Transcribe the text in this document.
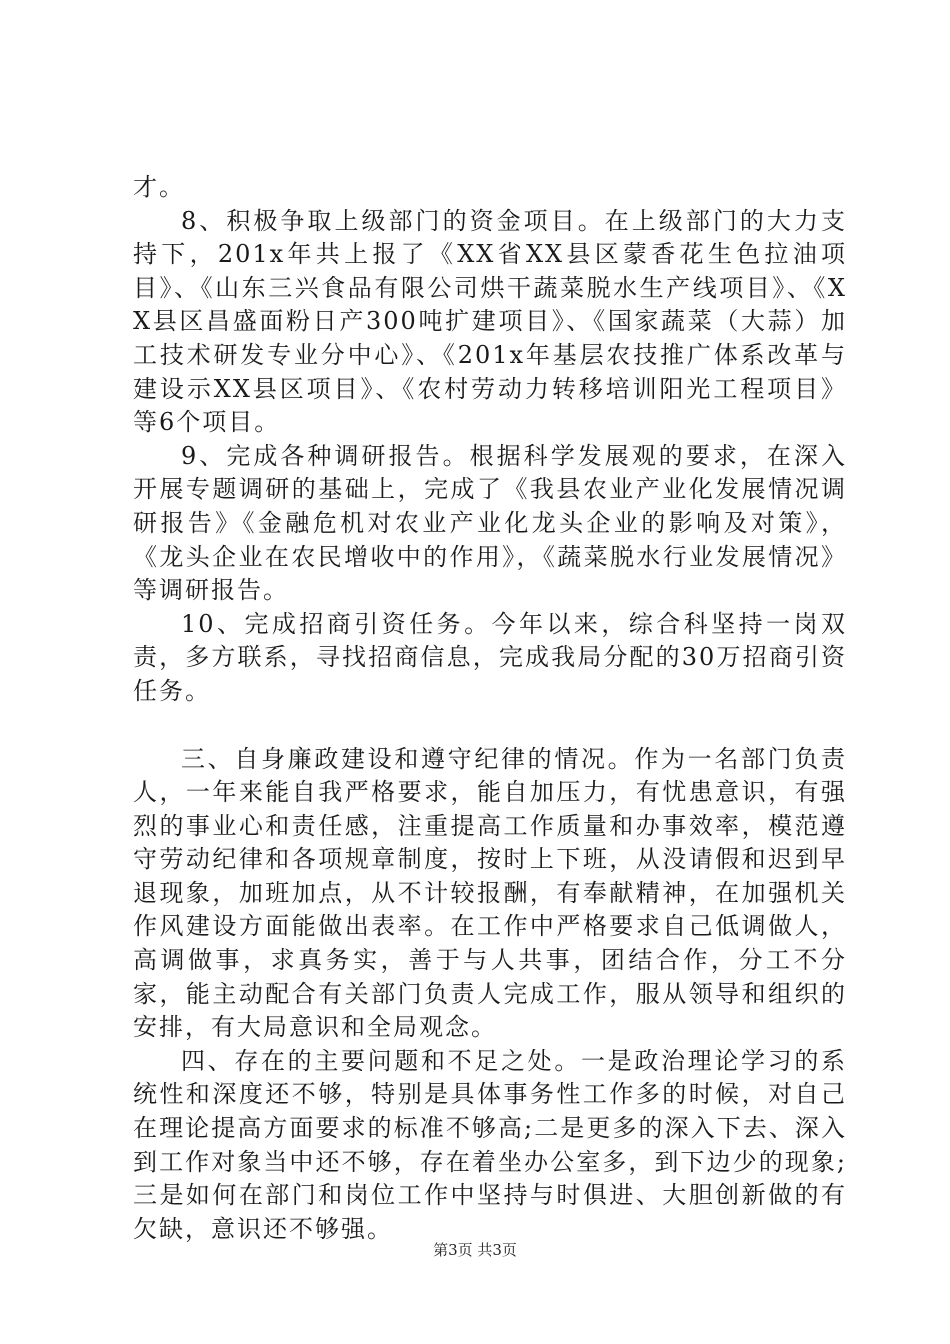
才。

8、积极争取上级部门的资金项目。在上级部门的大力支持下，201x年共上报了《XX省XX县区蒙香花生色拉油项目》、《山东三兴食品有限公司烘干蔬菜脱水生产线项目》、《XX县区昌盛面粉日产300吨扩建项目》、《国家蔬菜（大蒜）加工技术研发专业分中心》、《201x年基层农技推广体系改革与建设示XX县区项目》、《农村劳动力转移培训阳光工程项目》等6个项目。

9、完成各种调研报告。根据科学发展观的要求，在深入开展专题调研的基础上，完成了《我县农业产业化发展情况调研报告》《金融危机对农业产业化龙头企业的影响及对策》，《龙头企业在农民增收中的作用》，《蔬菜脱水行业发展情况》等调研报告。

10、完成招商引资任务。今年以来，综合科坚持一岗双责，多方联系，寻找招商信息，完成我局分配的30万招商引资任务。

三、自身廉政建设和遵守纪律的情况。作为一名部门负责人，一年来能自我严格要求，能自加压力，有忧患意识，有强烈的事业心和责任感，注重提高工作质量和办事效率，模范遵守劳动纪律和各项规章制度，按时上下班，从没请假和迟到早退现象，加班加点，从不计较报酬，有奉献精神，在加强机关作风建设方面能做出表率。在工作中严格要求自己低调做人，高调做事，求真务实，善于与人共事，团结合作，分工不分家，能主动配合有关部门负责人完成工作，服从领导和组织的安排，有大局意识和全局观念。

四、存在的主要问题和不足之处。一是政治理论学习的系统性和深度还不够，特别是具体事务性工作多的时候，对自己在理论提高方面要求的标准不够高;二是更多的深入下去、深入到工作对象当中还不够，存在着坐办公室多，到下边少的现象;三是如何在部门和岗位工作中坚持与时俱进、大胆创新做的有欠缺，意识还不够强。

第3页 共3页
